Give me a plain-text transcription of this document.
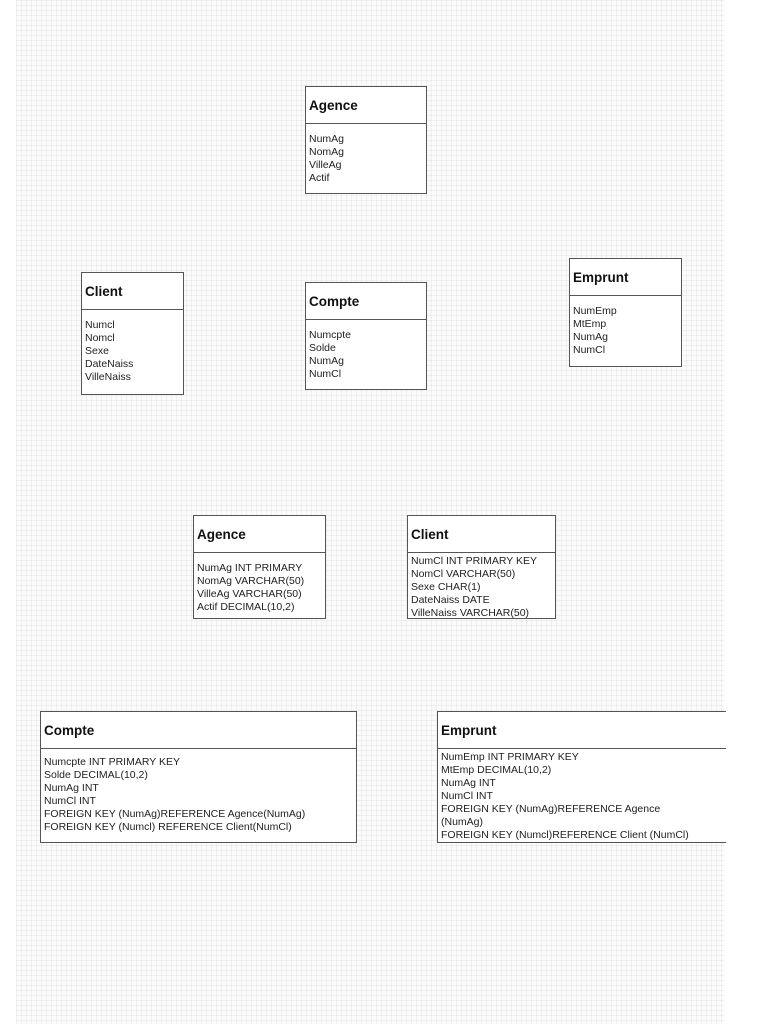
Agence
NumAg
NomAg
VilleAg
Actif
Client
Numcl
Nomcl
Sexe
DateNaiss
VilleNaiss
Compte
Numcpte
Solde
NumAg
NumCl
Emprunt
NumEmp
MtEmp
NumAg
NumCl
Agence
NumAg INT PRIMARY
NomAg VARCHAR(50)
VilleAg VARCHAR(50)
Actif DECIMAL(10,2)
Client
NumCl INT PRIMARY KEY
NomCl VARCHAR(50)
Sexe CHAR(1)
DateNaiss DATE
VilleNaiss VARCHAR(50)
Compte
Numcpte INT PRIMARY KEY
Solde DECIMAL(10,2)
NumAg INT
NumCl INT
FOREIGN KEY (NumAg)REFERENCE Agence(NumAg)
FOREIGN KEY (Numcl) REFERENCE Client(NumCl)
Emprunt
NumEmp INT PRIMARY KEY
MtEmp DECIMAL(10,2)
NumAg INT
NumCl INT
FOREIGN KEY (NumAg)REFERENCE Agence (NumAg)
FOREIGN KEY (Numcl)REFERENCE Client (NumCl)
